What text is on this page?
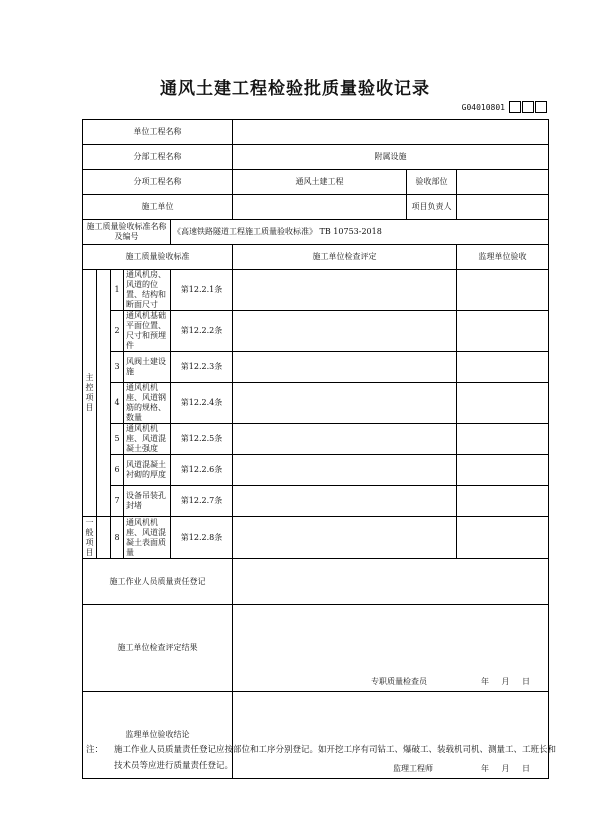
通风土建工程检验批质量验收记录
G04010801
单位工程名称							
分部工程名称					附属设施		
分项工程名称					通风土建工程	验收部位	
施工单位						项目负责人	
施工质量验收标准名称及编号				《高速铁路隧道工程施工质量验收标准》 TB 10753-2018			
施工质量验收标准					施工单位检查评定		监理单位验收
主
控
项
目		1	通风机房、风道的位置、结构和断面尺寸	第12.2.1条			
		2	通风机基础平面位置、尺寸和预埋件	第12.2.2条			
		3	风阀土建设施	第12.2.3条			
		4	通风机机座、风道钢筋的规格、数量	第12.2.4条			
		5	通风机机座、风道混凝土强度	第12.2.5条			
		6	风道混凝土衬砌的厚度	第12.2.6条			
		7	设备吊装孔封堵	第12.2.7条			
一
般
项
目		8	通风机机座、风道混凝土表面质量	第12.2.8条			
施工作业人员质量责任登记							
施工单位检查评定结果					专职质量检查员 年 月 日		

监理单位验收结论					监理工程师 年 月 日		
注： 施工作业人员质量责任登记应按部位和工序分别登记。如开挖工序有司钻工、爆破工、装载机司机、测量工、工班长和技术员等应进行质量责任登记。
